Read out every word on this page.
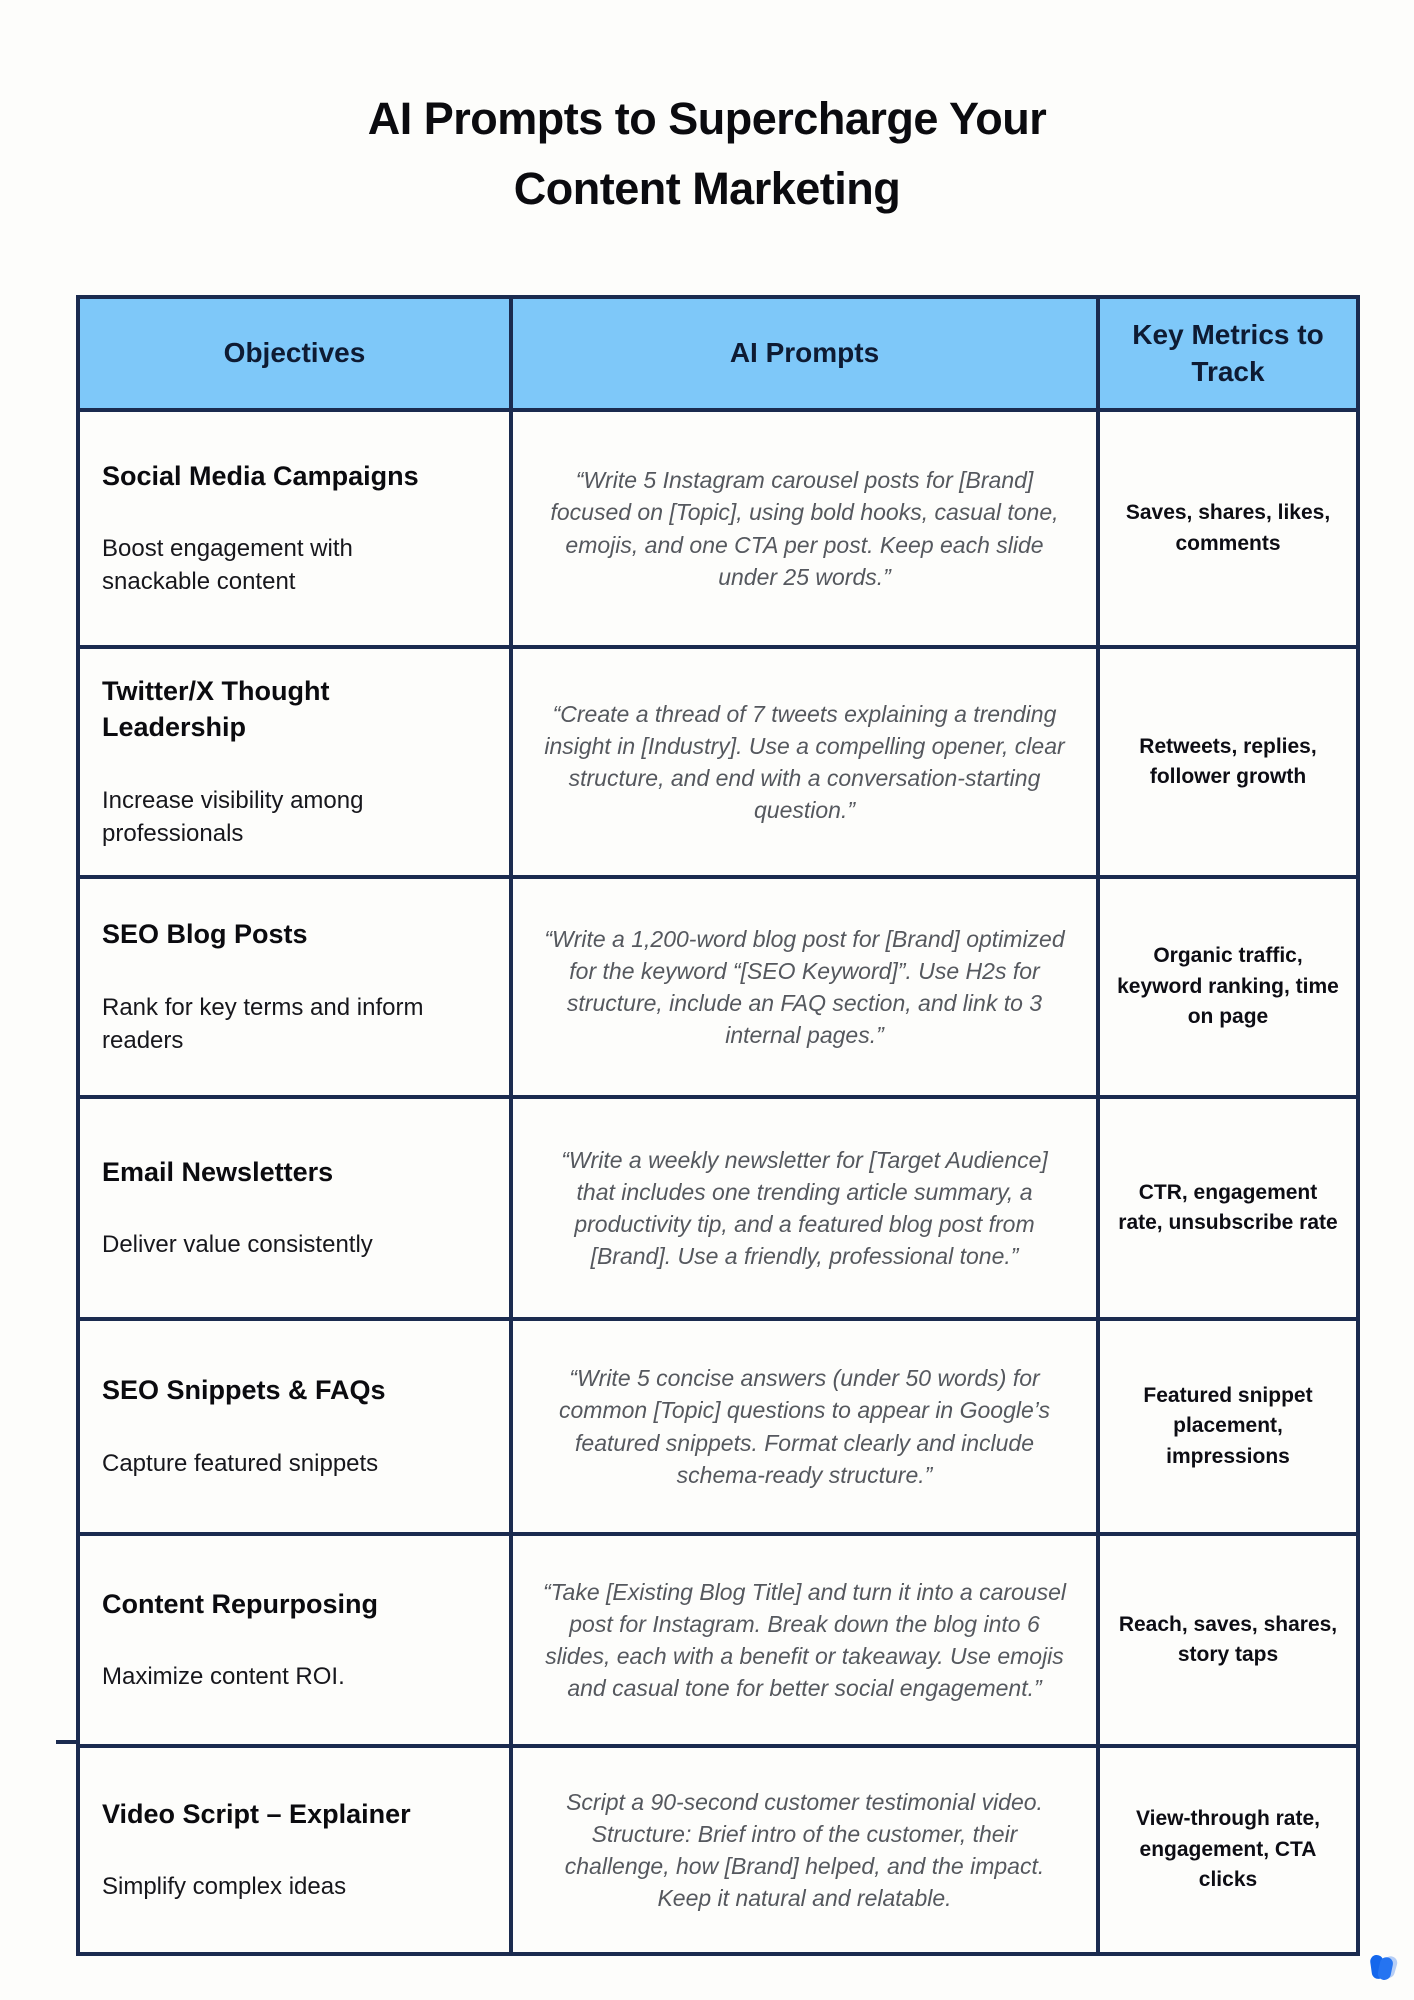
AI Prompts to Supercharge Your
Content Marketing
Objectives	AI Prompts	Key Metrics to Track

Social Media Campaigns
Boost engagement with snackable content	“Write 5 Instagram carousel posts for [Brand] focused on [Topic], using bold hooks, casual tone, emojis, and one CTA per post. Keep each slide under 25 words.”	Saves, shares, likes, comments

Twitter/X Thought Leadership
Increase visibility among professionals	“Create a thread of 7 tweets explaining a trending insight in [Industry]. Use a compelling opener, clear structure, and end with a conversation-starting question.”	Retweets, replies, follower growth

SEO Blog Posts
Rank for key terms and inform readers	“Write a 1,200-word blog post for [Brand] optimized for the keyword “[SEO Keyword]”. Use H2s for structure, include an FAQ section, and link to 3 internal pages.”	Organic traffic, keyword ranking, time on page

Email Newsletters
Deliver value consistently	“Write a weekly newsletter for [Target Audience] that includes one trending article summary, a productivity tip, and a featured blog post from [Brand]. Use a friendly, professional tone.”	CTR, engagement rate, unsubscribe rate

SEO Snippets & FAQs
Capture featured snippets	“Write 5 concise answers (under 50 words) for common [Topic] questions to appear in Google’s featured snippets. Format clearly and include schema-ready structure.”	Featured snippet placement, impressions

Content Repurposing
Maximize content ROI.	“Take [Existing Blog Title] and turn it into a carousel post for Instagram. Break down the blog into 6 slides, each with a benefit or takeaway. Use emojis and casual tone for better social engagement.”	Reach, saves, shares, story taps

Video Script – Explainer
Simplify complex ideas	Script a 90-second customer testimonial video. Structure: Brief intro of the customer, their challenge, how [Brand] helped, and the impact. Keep it natural and relatable.	View-through rate, engagement, CTA clicks
